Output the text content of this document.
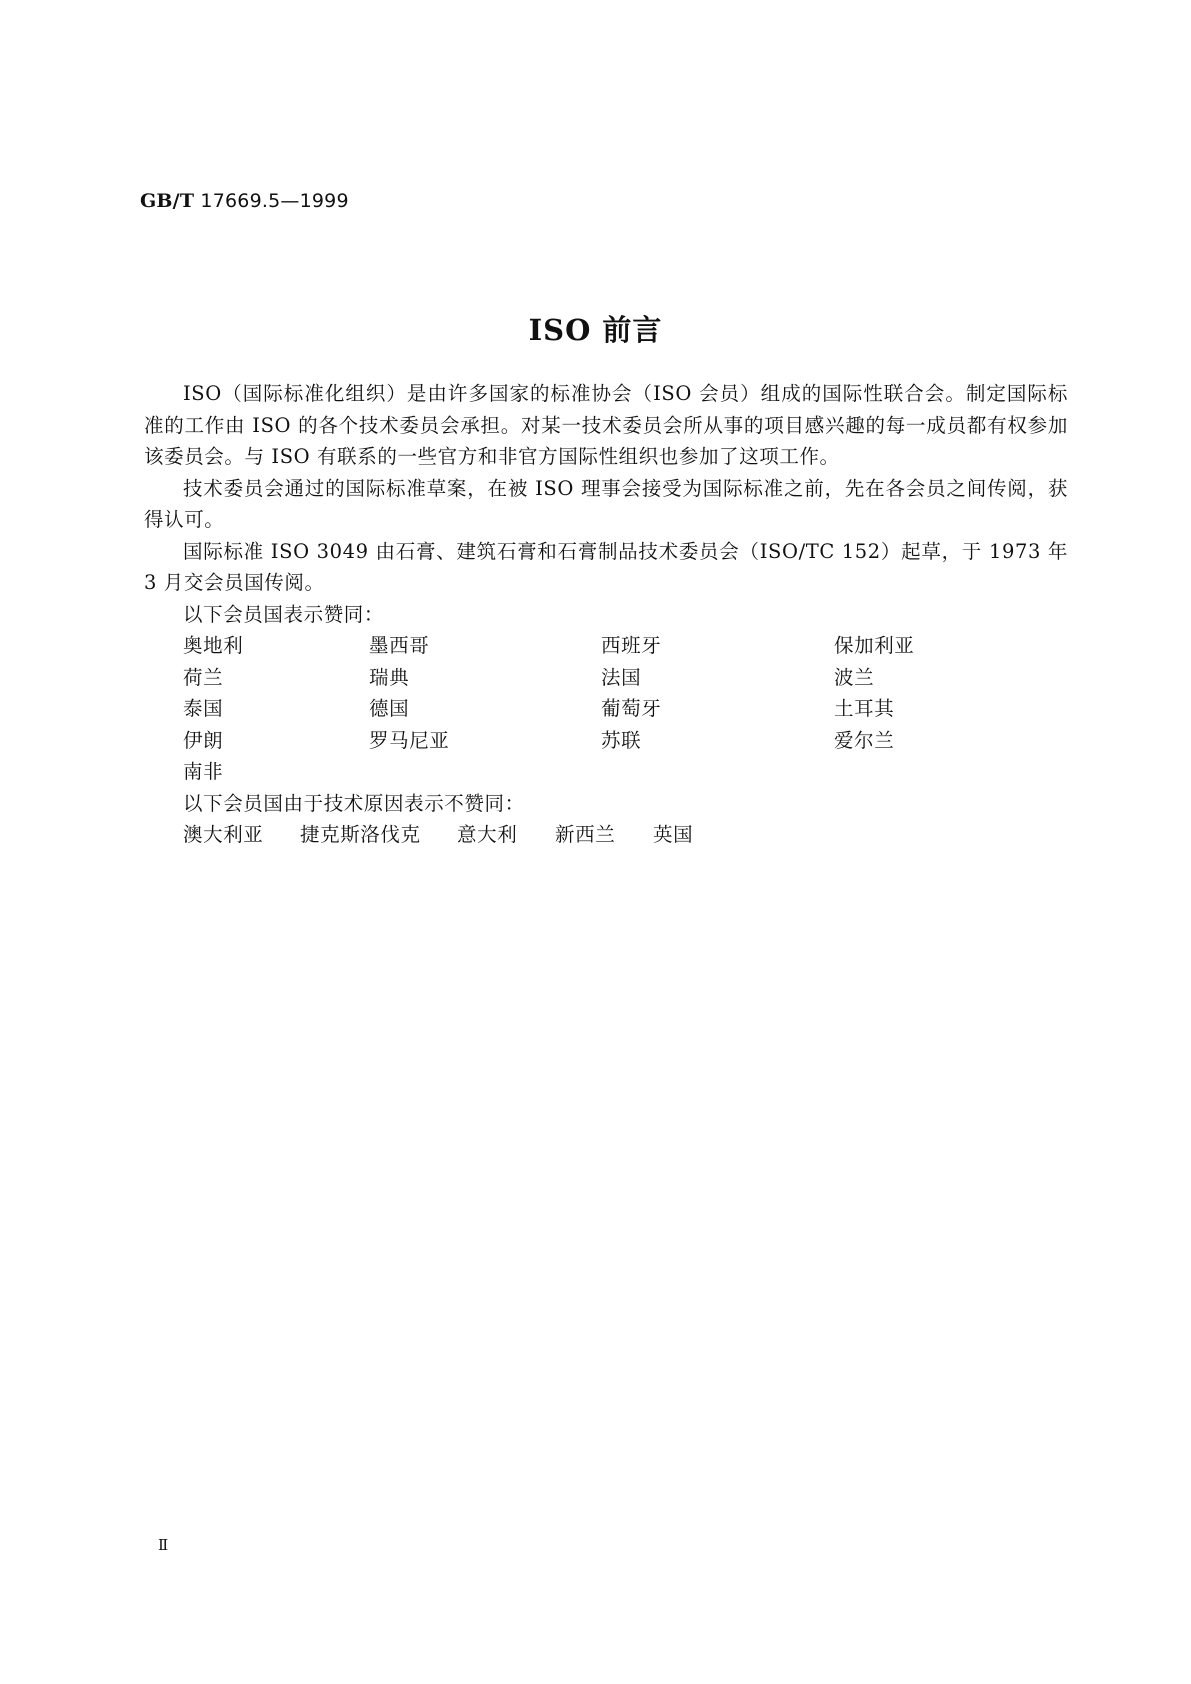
GB/T 17669.5—1999
ISO 前言

ISO（国际标准化组织）是由许多国家的标准协会（ISO 会员）组成的国际性联合会。制定国际标准的工作由 ISO 的各个技术委员会承担。对某一技术委员会所从事的项目感兴趣的每一成员都有权参加该委员会。与 ISO 有联系的一些官方和非官方国际性组织也参加了这项工作。

技术委员会通过的国际标准草案，在被 ISO 理事会接受为国际标准之前，先在各会员之间传阅，获得认可。

国际标准 ISO 3049 由石膏、建筑石膏和石膏制品技术委员会（ISO/TC 152）起草，于 1973 年 3 月交会员国传阅。

以下会员国表示赞同：

奥地利	墨西哥	西班牙	保加利亚
荷兰	瑞典	法国	波兰
泰国	德国	葡萄牙	土耳其
伊朗	罗马尼亚	苏联	爱尔兰
南非

以下会员国由于技术原因表示不赞同：

澳大利亚	捷克斯洛伐克	意大利	新西兰	英国
Ⅱ
